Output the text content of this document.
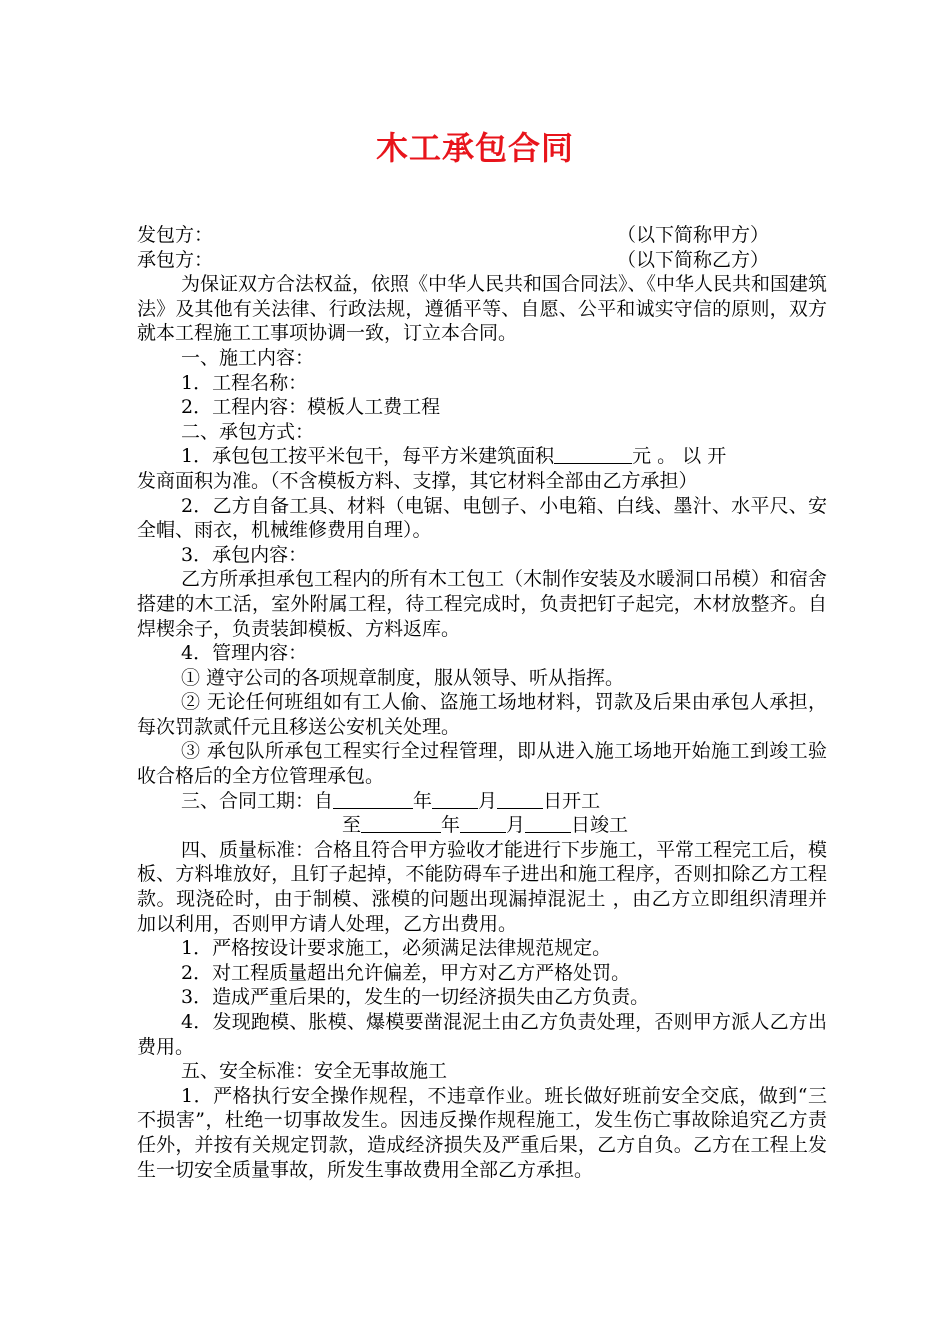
木工承包合同
发包方：	（以下简称甲方）
承包方：	（以下简称乙方）
为保证双方合法权益，依照《中华人民共和国合同法》、《中华人民共和国建筑法》及其他有关法律、行政法规，遵循平等、自愿、公平和诚实守信的原则，双方就本工程施工工事项协调一致，订立本合同。
一、施工内容：
1．工程名称：
2．工程内容：模板人工费工程
二、承包方式：
1．承包包工按平米包干，每平方米建筑面积	元 。 以 开
发商面积为准。（不含模板方料、支撑，其它材料全部由乙方承担）
2．乙方自备工具、材料（电锯、电刨子、小电箱、白线、墨汁、水平尺、安全帽、雨衣，机械维修费用自理）。
3．承包内容：
乙方所承担承包工程内的所有木工包工（木制作安装及水暖洞口吊模）和宿舍搭建的木工活，室外附属工程，待工程完成时，负责把钉子起完，木材放整齐。自焊楔余子，负责装卸模板、方料返库。
4．管理内容：
① 遵守公司的各项规章制度，服从领导、听从指挥。
② 无论任何班组如有工人偷、盗施工场地材料，罚款及后果由承包人承担，每次罚款贰仟元且移送公安机关处理。
③ 承包队所承包工程实行全过程管理，即从进入施工场地开始施工到竣工验收合格后的全方位管理承包。
三、合同工期：自	年 月 日开工
至	年 月 日竣工
四、质量标准：合格且符合甲方验收才能进行下步施工，平常工程完工后，模板、方料堆放好，且钉子起掉，不能防碍车子进出和施工程序，否则扣除乙方工程款。现浇砼时，由于制模、涨模的问题出现漏掉混泥土 ，由乙方立即组织清理并加以利用，否则甲方请人处理，乙方出费用。
1．严格按设计要求施工，必须满足法律规范规定。
2．对工程质量超出允许偏差，甲方对乙方严格处罚。
3．造成严重后果的，发生的一切经济损失由乙方负责。
4．发现跑模、胀模、爆模要凿混泥土由乙方负责处理，否则甲方派人乙方出费用。
五、安全标准：安全无事故施工
1．严格执行安全操作规程，不违章作业。班长做好班前安全交底，做到“三不损害”，杜绝一切事故发生。因违反操作规程施工，发生伤亡事故除追究乙方责任外，并按有关规定罚款，造成经济损失及严重后果，乙方自负。乙方在工程上发生一切安全质量事故，所发生事故费用全部乙方承担。
